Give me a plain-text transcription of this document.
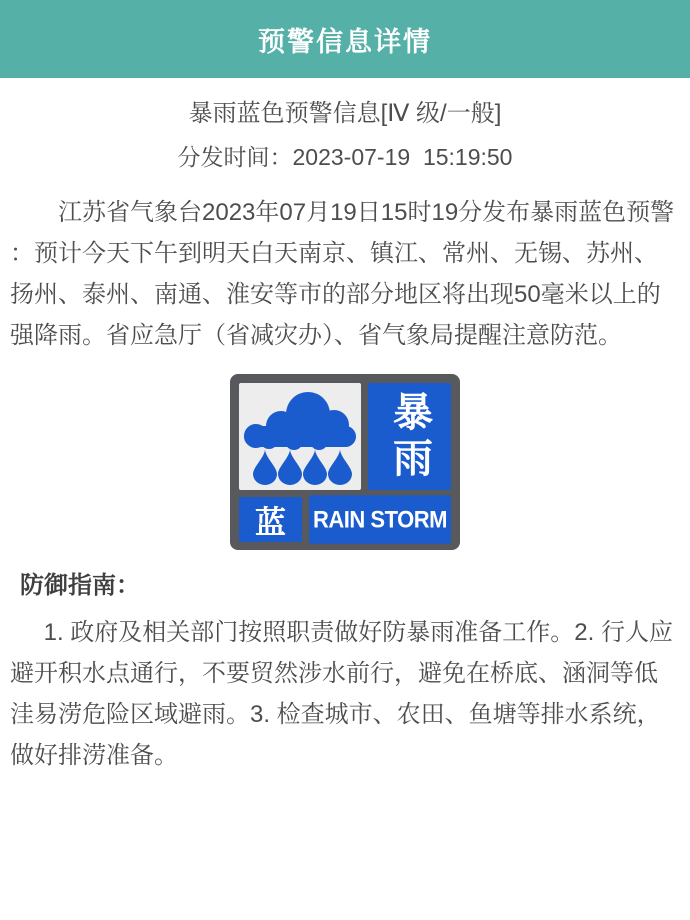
预警信息详情
暴雨蓝色预警信息[Ⅳ 级/一般]
分发时间：2023-07-19  15:19:50

江苏省气象台2023年07月19日15时19分发布暴雨蓝色预警：预计今天下午到明天白天南京、镇江、常州、无锡、苏州、扬州、泰州、南通、淮安等市的部分地区将出现50毫米以上的强降雨。省应急厅（省减灾办）、省气象局提醒注意防范。

暴雨
蓝	RAIN STORM
防御指南：

1. 政府及相关部门按照职责做好防暴雨准备工作。2. 行人应避开积水点通行，不要贸然涉水前行，避免在桥底、涵洞等低洼易涝危险区域避雨。3. 检查城市、农田、鱼塘等排水系统，做好排涝准备。
